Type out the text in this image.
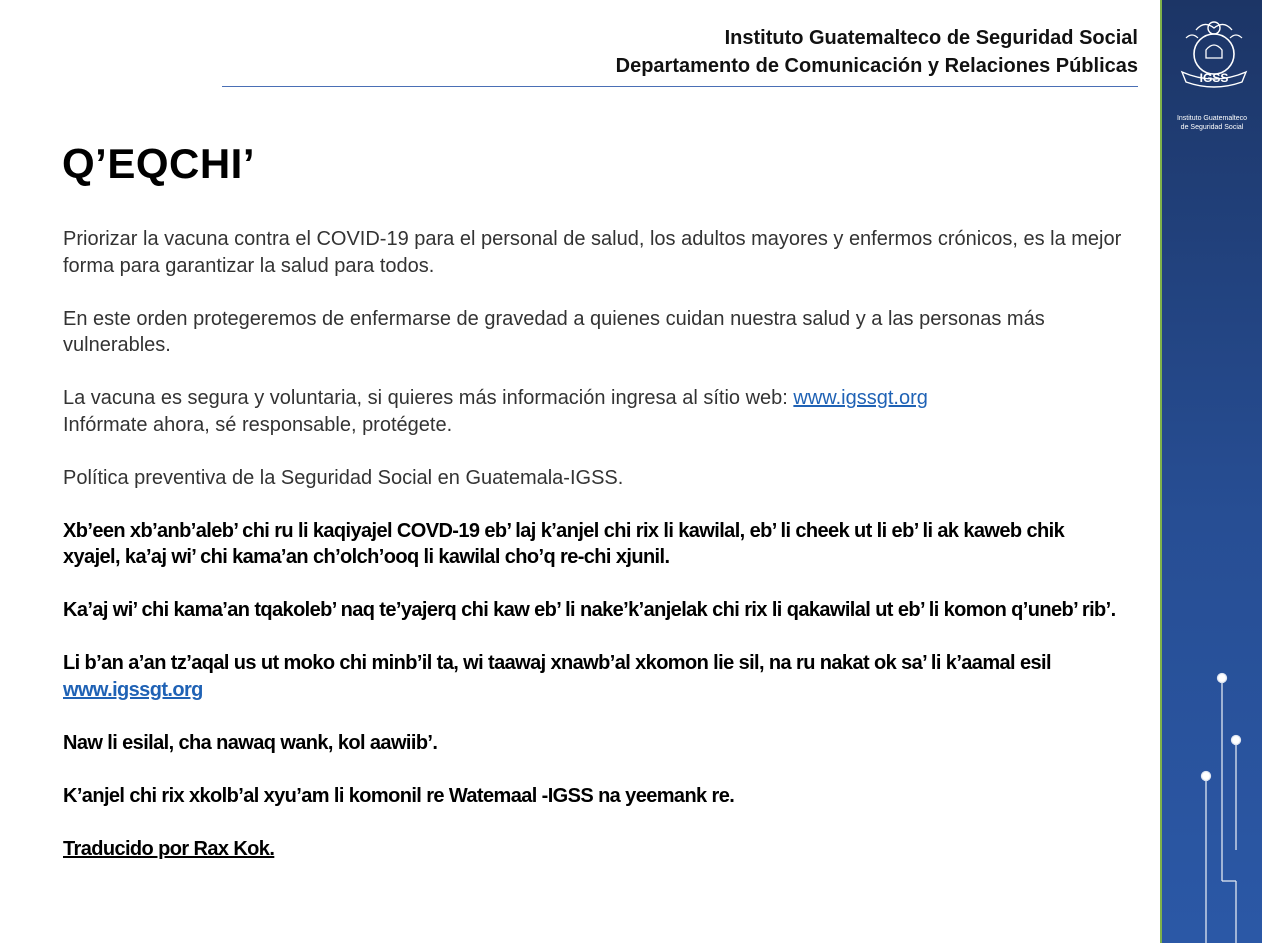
Instituto Guatemalteco de Seguridad Social
Departamento de Comunicación y Relaciones Públicas
IGSS
Instituto Guatemalteco
de Seguridad Social
Q’EQCHI’

Priorizar la vacuna contra el COVID-19 para el personal de salud, los adultos mayores y enfermos crónicos, es la mejor forma para garantizar la salud para todos.

En este orden protegeremos de enfermarse de gravedad a quienes cuidan nuestra salud y a las personas más vulnerables.

La vacuna es segura y voluntaria, si quieres más información ingresa al sítio web: www.igssgt.org
Infórmate ahora, sé responsable, protégete.

Política preventiva de la Seguridad Social en Guatemala-IGSS.

Xb’een xb’anb’aleb’ chi ru li kaqiyajel COVD-19 eb’ laj k’anjel chi rix li kawilal, eb’ li cheek ut li eb’ li ak kaweb chik xyajel, ka’aj wi’ chi kama’an ch’olch’ooq li kawilal cho’q re-chi xjunil.

Ka’aj wi’ chi kama’an tqakoleb’ naq te’yajerq chi kaw eb’ li nake’k’anjelak chi rix li qakawilal ut eb’ li komon q’uneb’ rib’.

Li b’an a’an tz’aqal us ut moko chi minb’il ta, wi taawaj xnawb’al xkomon lie sil, na ru nakat ok sa’ li k’aamal esil www.igssgt.org

Naw li esilal, cha nawaq wank, kol aawiib’.

K’anjel chi rix xkolb’al xyu’am li komonil re Watemaal -IGSS na yeemank re.

Traducido por Rax Kok.
